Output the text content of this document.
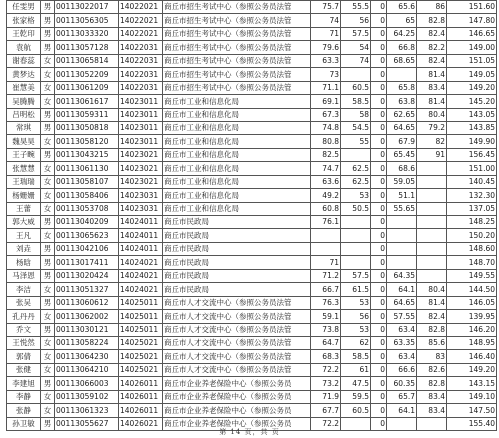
任雯男	男	00113022017	14022021	商丘市招生考试中心（参照公务员法管	75.7	55.5	0	65.6	86	151.60
张家格	男	00113056305	14022021	商丘市招生考试中心（参照公务员法管	74	56	0	65	82.8	147.80
王乾印	男	00113033320	14022021	商丘市招生考试中心（参照公务员法管	71	57.5	0	64.25	82.4	146.65
袁航	男	00113057128	14022031	商丘市招生考试中心（参照公务员法管	79.6	54	0	66.8	82.2	149.00
谢春蕊	女	00113065814	14022031	商丘市招生考试中心（参照公务员法管	63.3	74	0	68.65	82.4	151.05
黄梦达	女	00113052209	14022031	商丘市招生考试中心（参照公务员法管	73		0		81.4	149.05
崔慧美	女	00113061209	14022031	商丘市招生考试中心（参照公务员法管	71.1	60.5	0	65.8	83.4	149.20
吴腾腾	女	00113061617	14023011	商丘市工业和信息化局	69.1	58.5	0	63.8	81.4	145.20
吕明松	男	00113059311	14023011	商丘市工业和信息化局	67.3	58	0	62.65	80.4	143.05
常琪	男	00113050818	14023011	商丘市工业和信息化局	74.8	54.5	0	64.65	79.2	143.85
魏昊昊	女	00113058120	14023011	商丘市工业和信息化局	80.8	55	0	67.9	82	149.90
王子畹	男	00113043215	14023021	商丘市工业和信息化局	82.5		0	65.45	91	156.45
张慧慧	女	00113061130	14023021	商丘市工业和信息化局	74.7	62.5	0	68.6		151.00
王瑞瑞	女	00113058107	14023021	商丘市工业和信息化局	63.6	62.5	0	59.05		140.45
杨姗姗	女	00113058406	14023031	商丘市工业和信息化局	49.2	53	0	51.1		132.30
王蕾	女	00113053708	14023031	商丘市工业和信息化局	60.8	50.5	0	55.65		137.05
郭大威	男	00113040209	14024011	商丘市民政局	76.1		0			148.25
王凡	女	00113065623	14024011	商丘市民政局			0			150.20
刘垚	男	00113042106	14024011	商丘市民政局			0			148.60
杨晗	男	00113017411	14024021	商丘市民政局	71		0			148.70
马泽恩	男	00113020424	14024021	商丘市民政局	71.2	57.5	0	64.35		149.55
李洁	女	00113051327	14024021	商丘市民政局	66.7	61.5	0	64.1	80.4	144.50
张吴	男	00113060612	14025011	商丘市人才交流中心（参照公务员法管	76.3	53	0	64.65	81.4	146.05
孔丹丹	女	00113062002	14025011	商丘市人才交流中心（参照公务员法管	59.1	56	0	57.55	82.4	139.95
乔文	男	00113030121	14025011	商丘市人才交流中心（参照公务员法管	73.8	53	0	63.4	82.8	146.20
王悦然	女	00113058224	14025021	商丘市人才交流中心（参照公务员法管	64.7	62	0	63.35	85.6	148.95
郭倩	女	00113064230	14025021	商丘市人才交流中心（参照公务员法管	68.3	58.5	0	63.4	83	146.40
张健	女	00113064210	14025021	商丘市人才交流中心（参照公务员法管	72.2	61	0	66.6	82.6	149.20
李建旭	男	00113066003	14026011	商丘市企业养老保险中心（参照公务员	73.2	47.5	0	60.35	82.8	143.15
李静	女	00113059102	14026011	商丘市企业养老保险中心（参照公务员	71.9	59.5	0	65.7	83.4	149.10
张静	女	00113061323	14026011	商丘市企业养老保险中心（参照公务员	67.7	60.5	0	64.1	83.4	147.50
孙卫敏	男	00113055627	14026021	商丘市企业养老保险中心（参照公务员	72.2		0			155.40
第 14 页，共 页
